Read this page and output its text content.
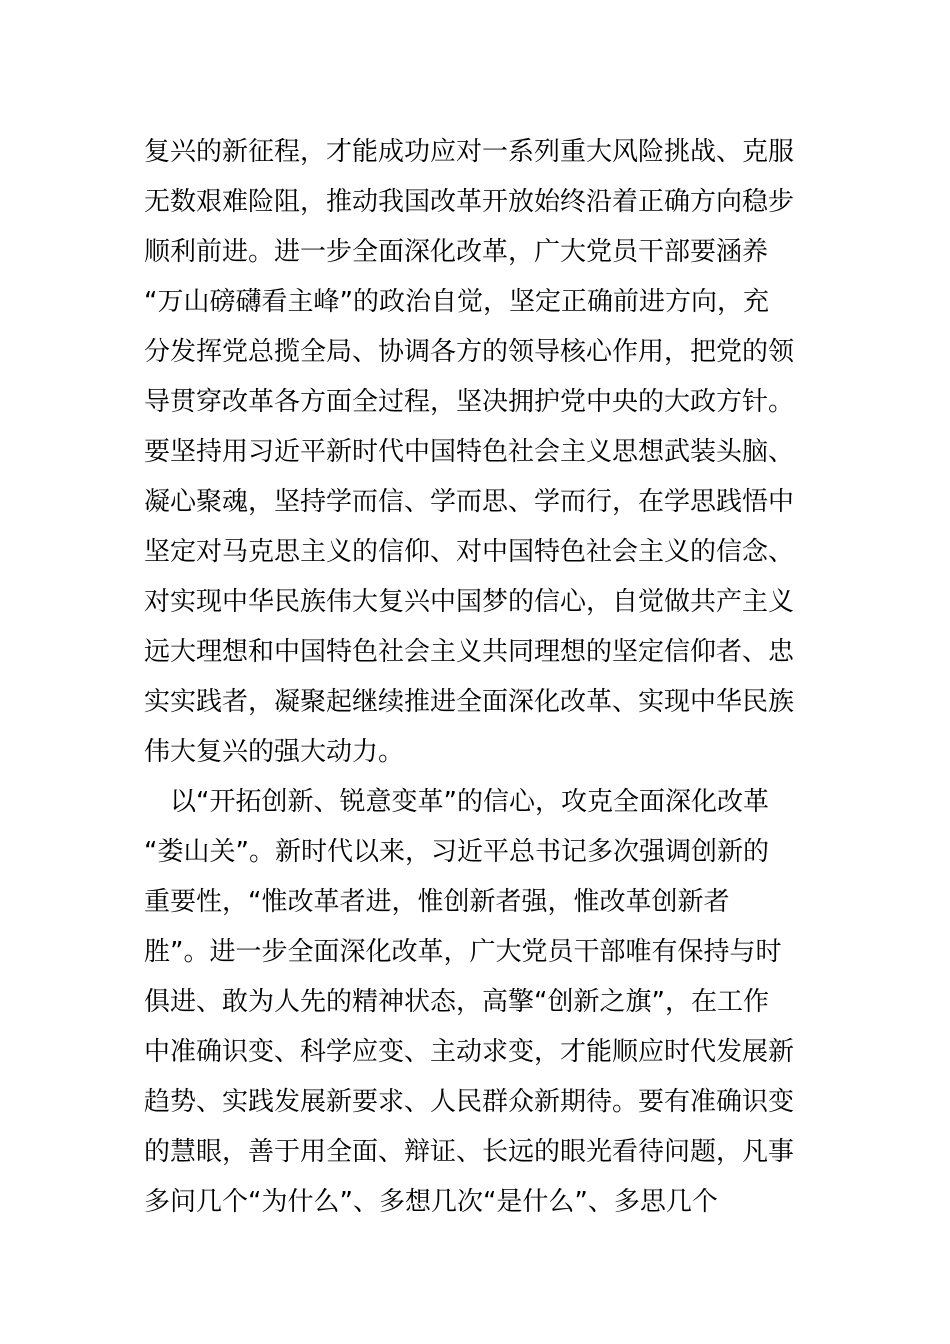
复兴的新征程，才能成功应对一系列重大风险挑战、克服
无数艰难险阻，推动我国改革开放始终沿着正确方向稳步
顺利前进。进一步全面深化改革，广大党员干部要涵养
“万山磅礴看主峰”的政治自觉，坚定正确前进方向，充
分发挥党总揽全局、协调各方的领导核心作用，把党的领
导贯穿改革各方面全过程，坚决拥护党中央的大政方针。
要坚持用习近平新时代中国特色社会主义思想武装头脑、
凝心聚魂，坚持学而信、学而思、学而行，在学思践悟中
坚定对马克思主义的信仰、对中国特色社会主义的信念、
对实现中华民族伟大复兴中国梦的信心，自觉做共产主义
远大理想和中国特色社会主义共同理想的坚定信仰者、忠
实实践者，凝聚起继续推进全面深化改革、实现中华民族
伟大复兴的强大动力。
以“开拓创新、锐意变革”的信心，攻克全面深化改革
“娄山关”。新时代以来，习近平总书记多次强调创新的
重要性，“惟改革者进，惟创新者强，惟改革创新者
胜”。进一步全面深化改革，广大党员干部唯有保持与时
俱进、敢为人先的精神状态，高擎“创新之旗”，在工作
中准确识变、科学应变、主动求变，才能顺应时代发展新
趋势、实践发展新要求、人民群众新期待。要有准确识变
的慧眼，善于用全面、辩证、长远的眼光看待问题，凡事
多问几个“为什么”、多想几次“是什么”、多思几个
